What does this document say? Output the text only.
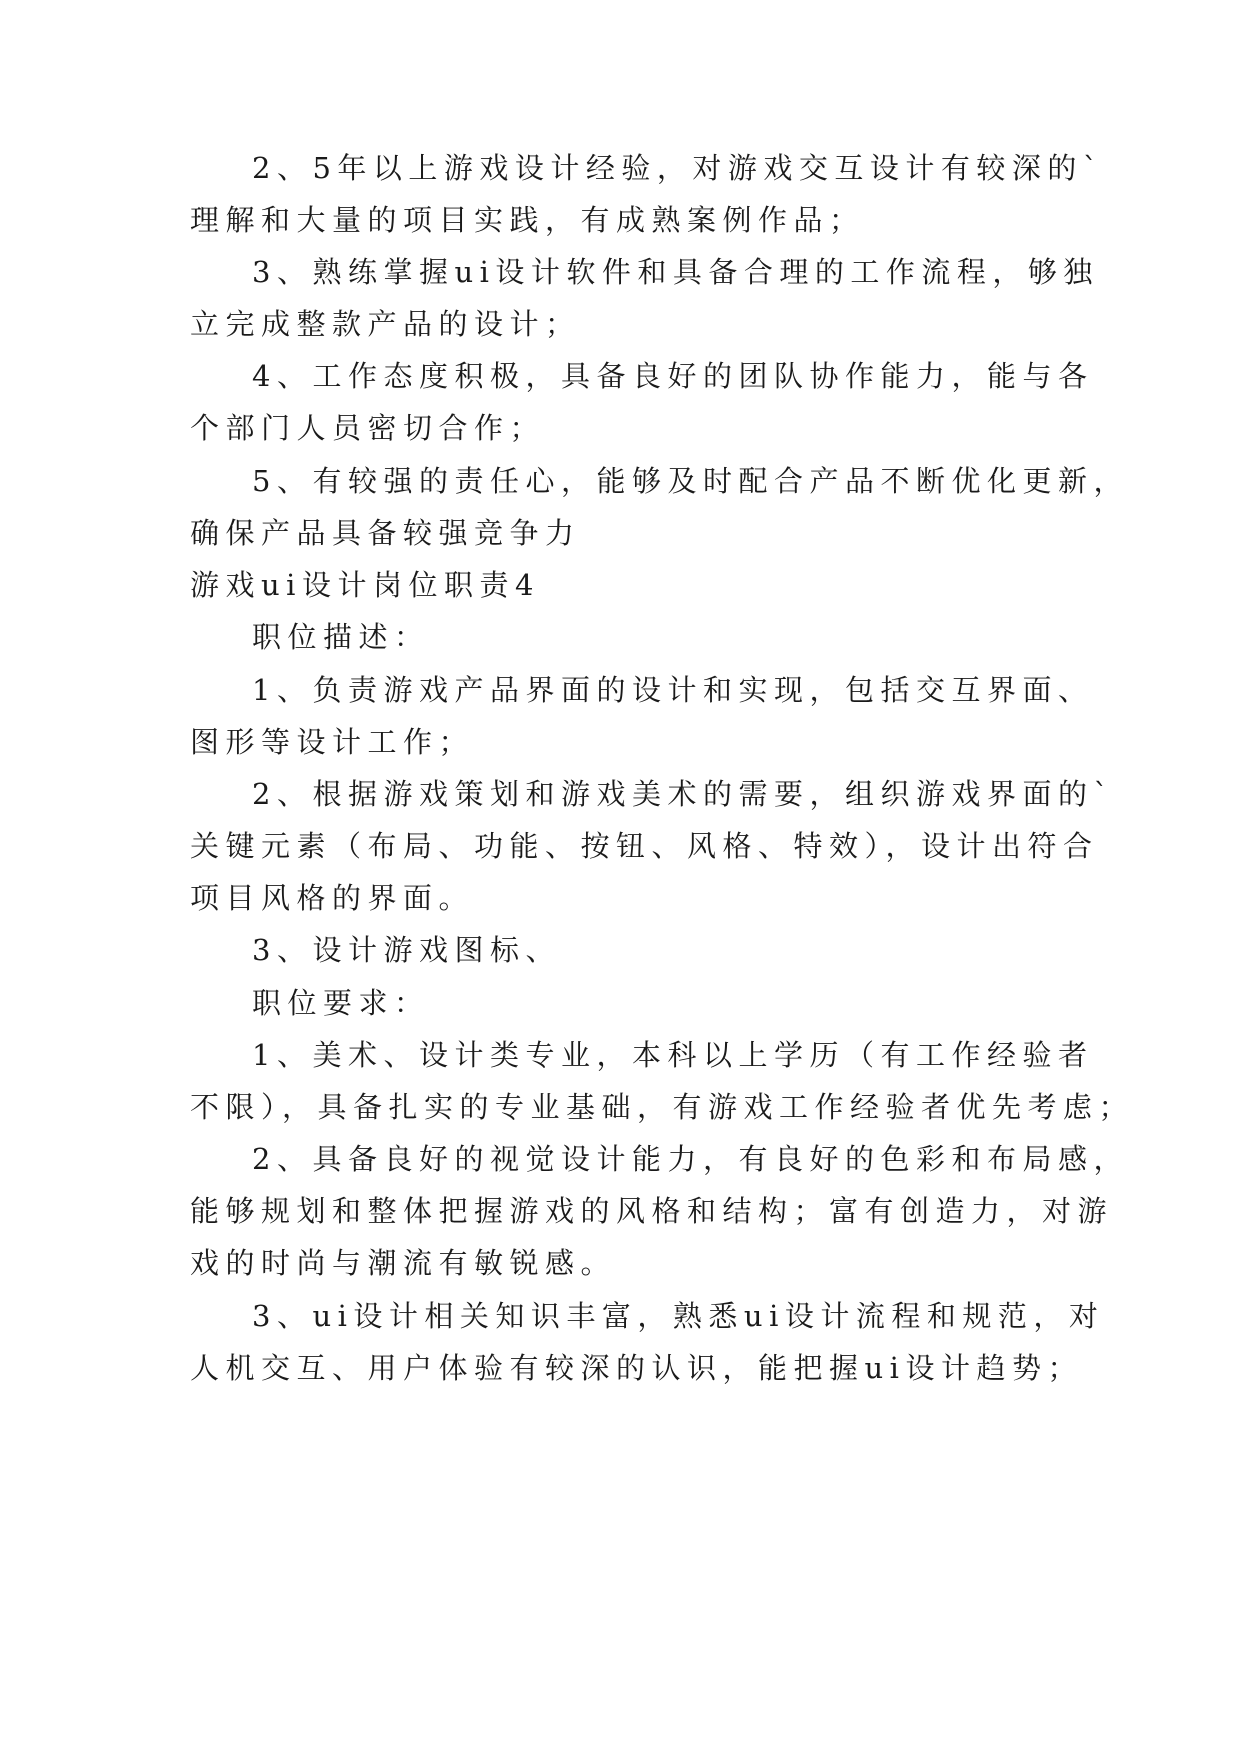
2、5年以上游戏设计经验，对游戏交互设计有较深的`
理解和大量的项目实践，有成熟案例作品；
3、熟练掌握ui设计软件和具备合理的工作流程，够独
立完成整款产品的设计；
4、工作态度积极，具备良好的团队协作能力，能与各
个部门人员密切合作；
5、有较强的责任心，能够及时配合产品不断优化更新，
确保产品具备较强竞争力
游戏ui设计岗位职责4
职位描述：
1、负责游戏产品界面的设计和实现，包括交互界面、
图形等设计工作；
2、根据游戏策划和游戏美术的需要，组织游戏界面的`
关键元素（布局、功能、按钮、风格、特效），设计出符合
项目风格的界面。
3、设计游戏图标、
职位要求：
1、美术、设计类专业，本科以上学历（有工作经验者
不限），具备扎实的专业基础，有游戏工作经验者优先考虑；
2、具备良好的视觉设计能力，有良好的色彩和布局感，
能够规划和整体把握游戏的风格和结构；富有创造力，对游
戏的时尚与潮流有敏锐感。
3、ui设计相关知识丰富，熟悉ui设计流程和规范，对
人机交互、用户体验有较深的认识，能把握ui设计趋势；
